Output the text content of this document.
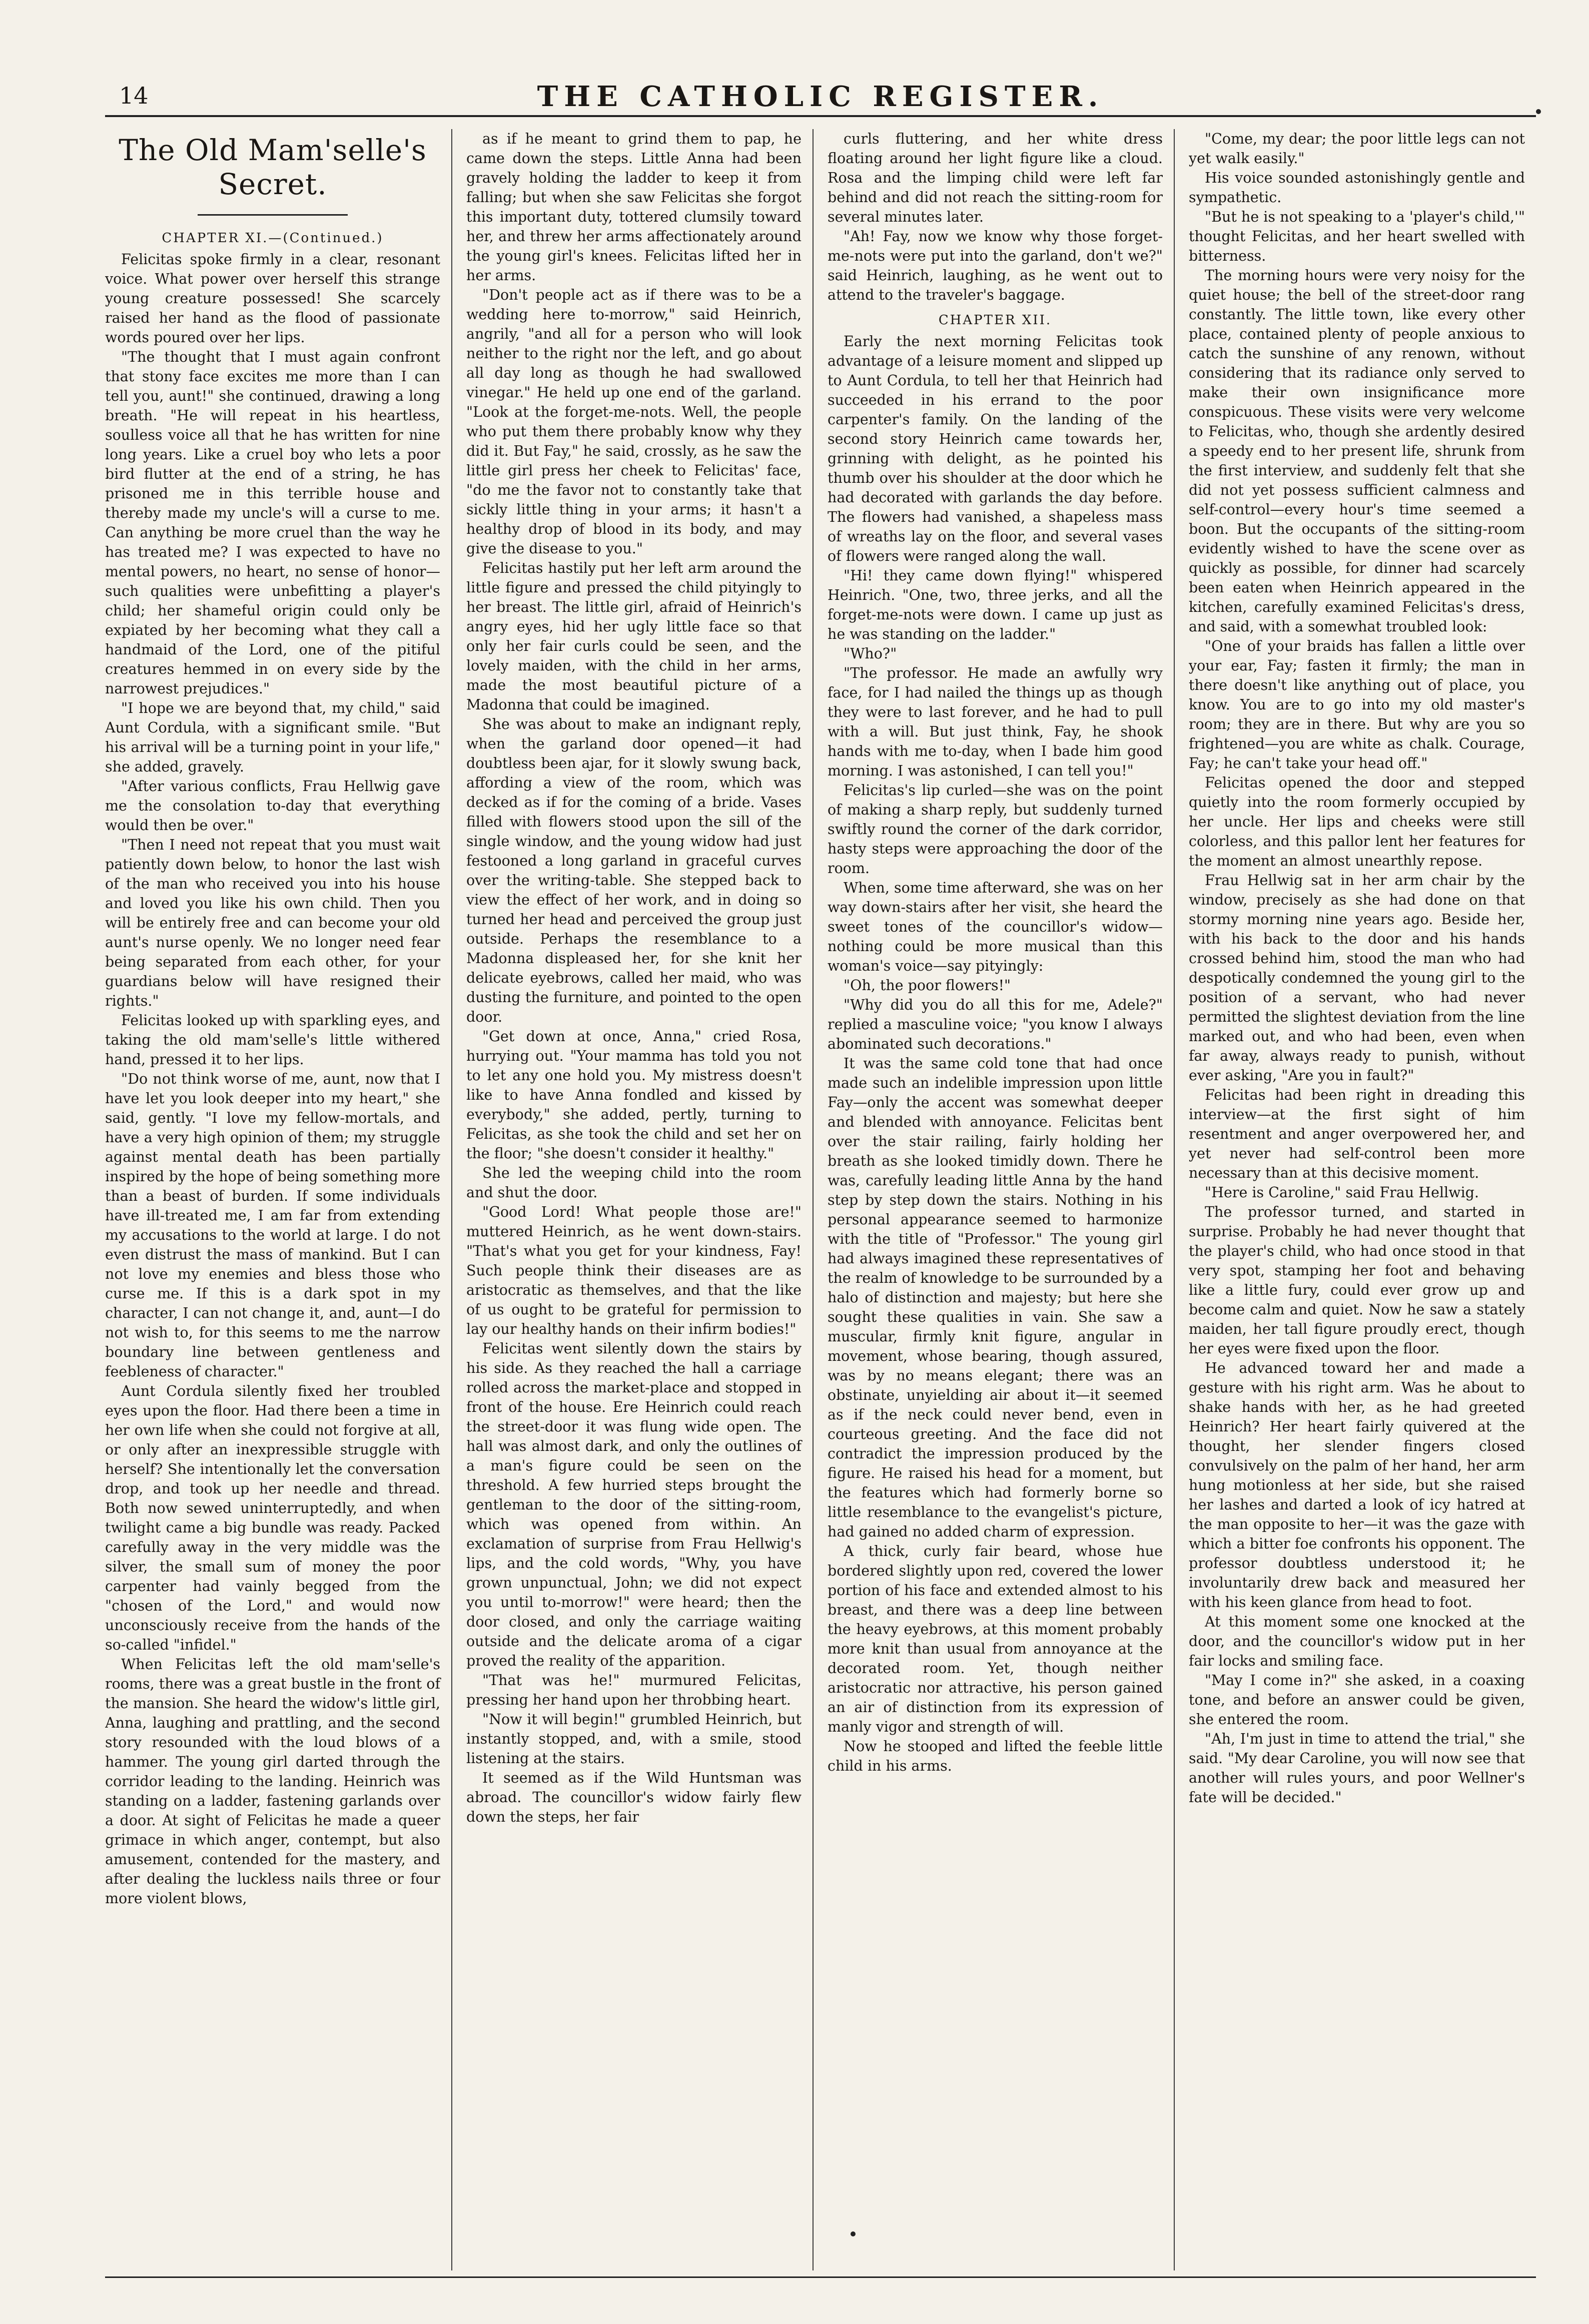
14	THE CATHOLIC REGISTER.
The Old Mam'selle's Secret.
CHAPTER XI.—(Continued.)

Felicitas spoke firmly in a clear, resonant voice. What power over herself this strange young creature possessed! She scarcely raised her hand as the flood of passionate words poured over her lips.

"The thought that I must again confront that stony face excites me more than I can tell you, aunt!" she continued, drawing a long breath. "He will repeat in his heartless, soulless voice all that he has written for nine long years. Like a cruel boy who lets a poor bird flutter at the end of a string, he has prisoned me in this terrible house and thereby made my uncle's will a curse to me. Can anything be more cruel than the way he has treated me? I was expected to have no mental powers, no heart, no sense of honor—such qualities were unbefitting a player's child; her shameful origin could only be expiated by her becoming what they call a handmaid of the Lord, one of the pitiful creatures hemmed in on every side by the narrowest prejudices."

"I hope we are beyond that, my child," said Aunt Cordula, with a significant smile. "But his arrival will be a turning point in your life," she added, gravely.

"After various conflicts, Frau Hellwig gave me the consolation to-day that everything would then be over."

"Then I need not repeat that you must wait patiently down below, to honor the last wish of the man who received you into his house and loved you like his own child. Then you will be entirely free and can become your old aunt's nurse openly. We no longer need fear being separated from each other, for your guardians below will have resigned their rights."

Felicitas looked up with sparkling eyes, and taking the old mam'selle's little withered hand, pressed it to her lips.

"Do not think worse of me, aunt, now that I have let you look deeper into my heart," she said, gently. "I love my fellow-mortals, and have a very high opinion of them; my struggle against mental death has been partially inspired by the hope of being something more than a beast of burden. If some individuals have ill-treated me, I am far from extending my accusations to the world at large. I do not even distrust the mass of mankind. But I can not love my enemies and bless those who curse me. If this is a dark spot in my character, I can not change it, and, aunt—I do not wish to, for this seems to me the narrow boundary line between gentleness and feebleness of character."

Aunt Cordula silently fixed her troubled eyes upon the floor. Had there been a time in her own life when she could not forgive at all, or only after an inexpressible struggle with herself? She intentionally let the conversation drop, and took up her needle and thread. Both now sewed uninterruptedly, and when twilight came a big bundle was ready. Packed carefully away in the very middle was the silver, the small sum of money the poor carpenter had vainly begged from the "chosen of the Lord," and would now unconsciously receive from the hands of the so-called "infidel."

When Felicitas left the old mam'selle's rooms, there was a great bustle in the front of the mansion. She heard the widow's little girl, Anna, laughing and prattling, and the second story resounded with the loud blows of a hammer. The young girl darted through the corridor leading to the landing. Heinrich was standing on a ladder, fastening garlands over a door. At sight of Felicitas he made a queer grimace in which anger, contempt, but also amusement, contended for the mastery, and after dealing the luckless nails three or four more violent blows,

as if he meant to grind them to pap, he came down the steps. Little Anna had been gravely holding the ladder to keep it from falling; but when she saw Felicitas she forgot this important duty, tottered clumsily toward her, and threw her arms affectionately around the young girl's knees. Felicitas lifted her in her arms.

"Don't people act as if there was to be a wedding here to-morrow," said Heinrich, angrily, "and all for a person who will look neither to the right nor the left, and go about all day long as though he had swallowed vinegar." He held up one end of the garland. "Look at the forget-me-nots. Well, the people who put them there probably know why they did it. But Fay," he said, crossly, as he saw the little girl press her cheek to Felicitas' face, "do me the favor not to constantly take that sickly little thing in your arms; it hasn't a healthy drop of blood in its body, and may give the disease to you."

Felicitas hastily put her left arm around the little figure and pressed the child pityingly to her breast. The little girl, afraid of Heinrich's angry eyes, hid her ugly little face so that only her fair curls could be seen, and the lovely maiden, with the child in her arms, made the most beautiful picture of a Madonna that could be imagined.

She was about to make an indignant reply, when the garland door opened—it had doubtless been ajar, for it slowly swung back, affording a view of the room, which was decked as if for the coming of a bride. Vases filled with flowers stood upon the sill of the single window, and the young widow had just festooned a long garland in graceful curves over the writing-table. She stepped back to view the effect of her work, and in doing so turned her head and perceived the group just outside. Perhaps the resemblance to a Madonna displeased her, for she knit her delicate eyebrows, called her maid, who was dusting the furniture, and pointed to the open door.

"Get down at once, Anna," cried Rosa, hurrying out. "Your mamma has told you not to let any one hold you. My mistress doesn't like to have Anna fondled and kissed by everybody," she added, pertly, turning to Felicitas, as she took the child and set her on the floor; "she doesn't consider it healthy."

She led the weeping child into the room and shut the door.

"Good Lord! What people those are!" muttered Heinrich, as he went down-stairs. "That's what you get for your kindness, Fay! Such people think their diseases are as aristocratic as themselves, and that the like of us ought to be grateful for permission to lay our healthy hands on their infirm bodies!"

Felicitas went silently down the stairs by his side. As they reached the hall a carriage rolled across the market-place and stopped in front of the house. Ere Heinrich could reach the street-door it was flung wide open. The hall was almost dark, and only the outlines of a man's figure could be seen on the threshold. A few hurried steps brought the gentleman to the door of the sitting-room, which was opened from within. An exclamation of surprise from Frau Hellwig's lips, and the cold words, "Why, you have grown unpunctual, John; we did not expect you until to-morrow!" were heard; then the door closed, and only the carriage waiting outside and the delicate aroma of a cigar proved the reality of the apparition.

"That was he!" murmured Felicitas, pressing her hand upon her throbbing heart.

"Now it will begin!" grumbled Heinrich, but instantly stopped, and, with a smile, stood listening at the stairs.

It seemed as if the Wild Huntsman was abroad. The councillor's widow fairly flew down the steps, her fair

curls fluttering, and her white dress floating around her light figure like a cloud. Rosa and the limping child were left far behind and did not reach the sitting-room for several minutes later.

"Ah! Fay, now we know why those forget-me-nots were put into the garland, don't we?" said Heinrich, laughing, as he went out to attend to the traveler's baggage.

CHAPTER XII.

Early the next morning Felicitas took advantage of a leisure moment and slipped up to Aunt Cordula, to tell her that Heinrich had succeeded in his errand to the poor carpenter's family. On the landing of the second story Heinrich came towards her, grinning with delight, as he pointed his thumb over his shoulder at the door which he had decorated with garlands the day before. The flowers had vanished, a shapeless mass of wreaths lay on the floor, and several vases of flowers were ranged along the wall.

"Hi! they came down flying!" whispered Heinrich. "One, two, three jerks, and all the forget-me-nots were down. I came up just as he was standing on the ladder."

"Who?"

"The professor. He made an awfully wry face, for I had nailed the things up as though they were to last forever, and he had to pull with a will. But just think, Fay, he shook hands with me to-day, when I bade him good morning. I was astonished, I can tell you!"

Felicitas's lip curled—she was on the point of making a sharp reply, but suddenly turned swiftly round the corner of the dark corridor, hasty steps were approaching the door of the room.

When, some time afterward, she was on her way down-stairs after her visit, she heard the sweet tones of the councillor's widow—nothing could be more musical than this woman's voice—say pityingly:

"Oh, the poor flowers!"

"Why did you do all this for me, Adele?" replied a masculine voice; "you know I always abominated such decorations."

It was the same cold tone that had once made such an indelible impression upon little Fay—only the accent was somewhat deeper and blended with annoyance. Felicitas bent over the stair railing, fairly holding her breath as she looked timidly down. There he was, carefully leading little Anna by the hand step by step down the stairs. Nothing in his personal appearance seemed to harmonize with the title of "Professor." The young girl had always imagined these representatives of the realm of knowledge to be surrounded by a halo of distinction and majesty; but here she sought these qualities in vain. She saw a muscular, firmly knit figure, angular in movement, whose bearing, though assured, was by no means elegant; there was an obstinate, unyielding air about it—it seemed as if the neck could never bend, even in courteous greeting. And the face did not contradict the impression produced by the figure. He raised his head for a moment, but the features which had formerly borne so little resemblance to the evangelist's picture, had gained no added charm of expression.

A thick, curly fair beard, whose hue bordered slightly upon red, covered the lower portion of his face and extended almost to his breast, and there was a deep line between the heavy eyebrows, at this moment probably more knit than usual from annoyance at the decorated room. Yet, though neither aristocratic nor attractive, his person gained an air of distinction from its expression of manly vigor and strength of will.

Now he stooped and lifted the feeble little child in his arms.

"Come, my dear; the poor little legs can not yet walk easily."

His voice sounded astonishingly gentle and sympathetic.

"But he is not speaking to a 'player's child,'" thought Felicitas, and her heart swelled with bitterness.

The morning hours were very noisy for the quiet house; the bell of the street-door rang constantly. The little town, like every other place, contained plenty of people anxious to catch the sunshine of any renown, without considering that its radiance only served to make their own insignificance more conspicuous. These visits were very welcome to Felicitas, who, though she ardently desired a speedy end to her present life, shrunk from the first interview, and suddenly felt that she did not yet possess sufficient calmness and self-control—every hour's time seemed a boon. But the occupants of the sitting-room evidently wished to have the scene over as quickly as possible, for dinner had scarcely been eaten when Heinrich appeared in the kitchen, carefully examined Felicitas's dress, and said, with a somewhat troubled look:

"One of your braids has fallen a little over your ear, Fay; fasten it firmly; the man in there doesn't like anything out of place, you know. You are to go into my old master's room; they are in there. But why are you so frightened—you are white as chalk. Courage, Fay; he can't take your head off."

Felicitas opened the door and stepped quietly into the room formerly occupied by her uncle. Her lips and cheeks were still colorless, and this pallor lent her features for the moment an almost unearthly repose.

Frau Hellwig sat in her arm chair by the window, precisely as she had done on that stormy morning nine years ago. Beside her, with his back to the door and his hands crossed behind him, stood the man who had despotically condemned the young girl to the position of a servant, who had never permitted the slightest deviation from the line marked out, and who had been, even when far away, always ready to punish, without ever asking, "Are you in fault?"

Felicitas had been right in dreading this interview—at the first sight of him resentment and anger overpowered her, and yet never had self-control been more necessary than at this decisive moment.

"Here is Caroline," said Frau Hellwig.

The professor turned, and started in surprise. Probably he had never thought that the player's child, who had once stood in that very spot, stamping her foot and behaving like a little fury, could ever grow up and become calm and quiet. Now he saw a stately maiden, her tall figure proudly erect, though her eyes were fixed upon the floor.

He advanced toward her and made a gesture with his right arm. Was he about to shake hands with her, as he had greeted Heinrich? Her heart fairly quivered at the thought, her slender fingers closed convulsively on the palm of her hand, her arm hung motionless at her side, but she raised her lashes and darted a look of icy hatred at the man opposite to her—it was the gaze with which a bitter foe confronts his opponent. The professor doubtless understood it; he involuntarily drew back and measured her with his keen glance from head to foot.

At this moment some one knocked at the door, and the councillor's widow put in her fair locks and smiling face.

"May I come in?" she asked, in a coaxing tone, and before an answer could be given, she entered the room.

"Ah, I'm just in time to attend the trial," she said. "My dear Caroline, you will now see that another will rules yours, and poor Wellner's fate will be decided."
